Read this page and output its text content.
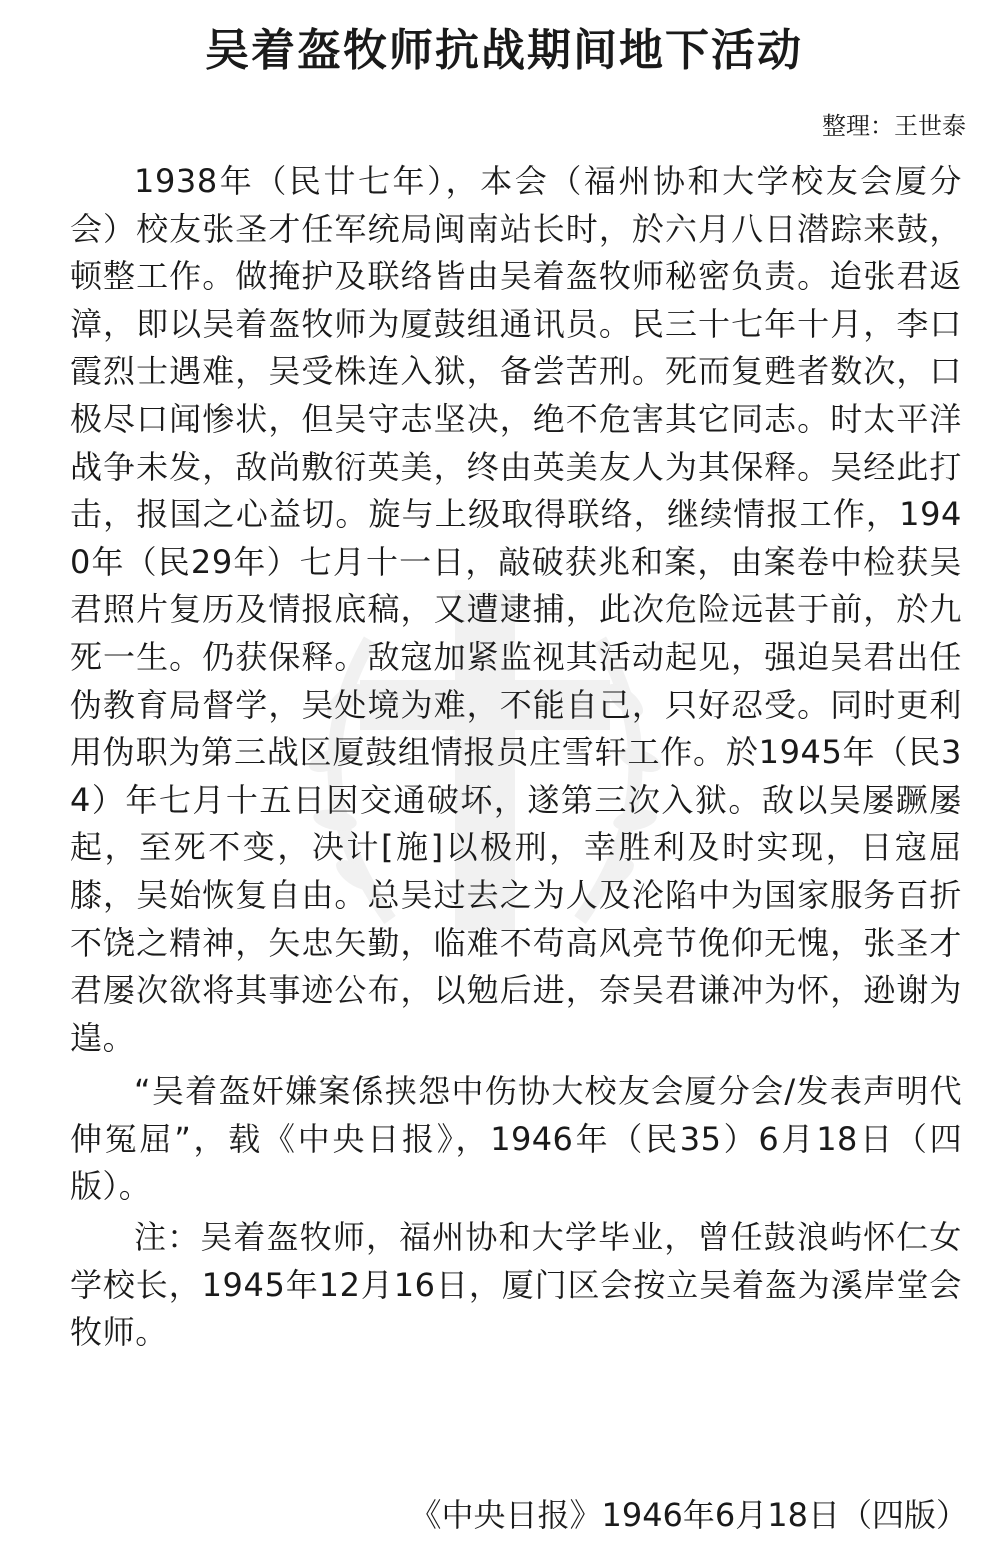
吴着盔牧师抗战期间地下活动
整理：王世泰

1938年（民廿七年），本会（福州协和大学校友会厦分会）校友张圣才任军统局闽南站长时，於六月八日潜踪来鼓，顿整工作。做掩护及联络皆由吴着盔牧师秘密负责。迨张君返漳，即以吴着盔牧师为厦鼓组通讯员。民三十七年十月，李口霞烈士遇难，吴受株连入狱，备尝苦刑。死而复甦者数次，口极尽口闻惨状，但吴守志坚决，绝不危害其它同志。时太平洋战争未发，敌尚敷衍英美，终由英美友人为其保释。吴经此打击，报国之心益切。旋与上级取得联络，继续情报工作，1940年（民29年）七月十一日，敲破获兆和案，由案卷中检获吴君照片复历及情报底稿，又遭逮捕，此次危险远甚于前，於九死一生。仍获保释。敌寇加紧监视其活动起见，强迫吴君出任伪教育局督学，吴处境为难，不能自己，只好忍受。同时更利用伪职为第三战区厦鼓组情报员庄雪轩工作。於1945年（民34）年七月十五日因交通破坏，遂第三次入狱。敌以吴屡蹶屡起，至死不变，决计[施]以极刑，幸胜利及时实现，日寇屈膝，吴始恢复自由。总吴过去之为人及沦陷中为国家服务百折不饶之精神，矢忠矢勤，临难不苟高风亮节俛仰无愧，张圣才君屡次欲将其事迹公布，以勉后进，奈吴君谦冲为怀，逊谢为遑。

“吴着盔奸嫌案係挟怨中伤协大校友会厦分会/发表声明代伸冤屈”，载《中央日报》，1946年（民35）6月18日（四版）。

注：吴着盔牧师，福州协和大学毕业，曾任鼓浪屿怀仁女学校长，1945年12月16日，厦门区会按立吴着盔为溪岸堂会牧师。

《中央日报》1946年6月18日（四版）
